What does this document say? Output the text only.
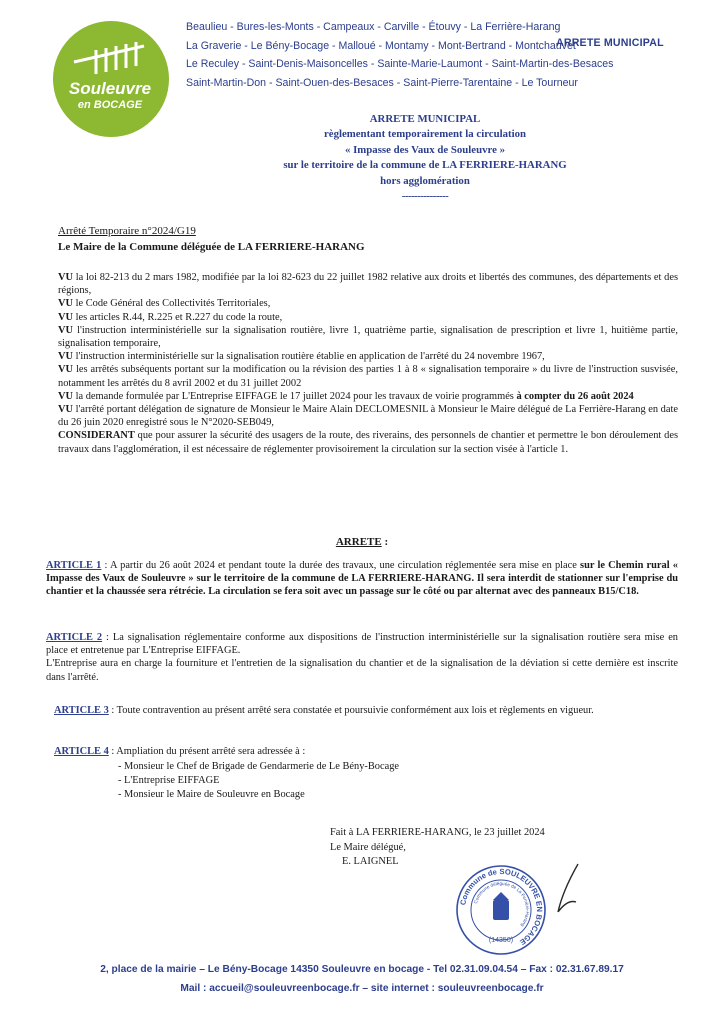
Souleuvre
en BOCAGE
Beaulieu - Bures-les-Monts - Campeaux - Carville - Étouvy - La Ferrière-Harang
La Graverie - Le Bény-Bocage - Malloué - Montamy - Mont-Bertrand - Montchauvet
Le Reculey - Saint-Denis-Maisoncelles - Sainte-Marie-Laumont - Saint-Martin-des-Besaces
Saint-Martin-Don - Saint-Ouen-des-Besaces - Saint-Pierre-Tarentaine - Le Tourneur
ARRETE MUNICIPAL
ARRETE MUNICIPAL
règlementant temporairement la circulation
« Impasse des Vaux de Souleuvre »
sur le territoire de la commune de LA FERRIERE-HARANG
hors agglomération
---------------
Arrêté Temporaire n°2024/G19
Le Maire de la Commune déléguée de LA FERRIERE-HARANG

VU la loi 82-213 du 2 mars 1982, modifiée par la loi 82-623 du 22 juillet 1982 relative aux droits et libertés des communes, des départements et des régions,

VU le Code Général des Collectivités Territoriales,

VU les articles R.44, R.225 et R.227 du code la route,

VU l'instruction interministérielle sur la signalisation routière, livre 1, quatrième partie, signalisation de prescription et livre 1, huitième partie, signalisation temporaire,

VU l'instruction interministérielle sur la signalisation routière établie en application de l'arrêté du 24 novembre 1967,

VU les arrêtés subséquents portant sur la modification ou la révision des parties 1 à 8 « signalisation temporaire » du livre de l'instruction susvisée, notamment les arrêtés du 8 avril 2002 et du 31 juillet 2002

VU la demande formulée par L'Entreprise EIFFAGE le 17 juillet 2024 pour les travaux de voirie programmés à compter du 26 août 2024

VU l'arrêté portant délégation de signature de Monsieur le Maire Alain DECLOMESNIL à Monsieur le Maire délégué de La Ferrière-Harang en date du 26 juin 2020 enregistré sous le N°2020-SEB049,

CONSIDERANT que pour assurer la sécurité des usagers de la route, des riverains, des personnels de chantier et permettre le bon déroulement des travaux dans l'agglomération, il est nécessaire de réglementer provisoirement la circulation sur la section visée à l'article 1.

ARRETE :
ARTICLE 1 : A partir du 26 août 2024 et pendant toute la durée des travaux, une circulation réglementée sera mise en place sur le Chemin rural « Impasse des Vaux de Souleuvre » sur le territoire de la commune de LA FERRIERE-HARANG. Il sera interdit de stationner sur l'emprise du chantier et la chaussée sera rétrécie. La circulation se fera soit avec un passage sur le côté ou par alternat avec des panneaux B15/C18.
ARTICLE 2 : La signalisation réglementaire conforme aux dispositions de l'instruction interministérielle sur la signalisation routière sera mise en place et entretenue par L'Entreprise EIFFAGE.
L'Entreprise aura en charge la fourniture et l'entretien de la signalisation du chantier et de la signalisation de la déviation si cette dernière est inscrite dans l'arrêté.
ARTICLE 3 : Toute contravention au présent arrêté sera constatée et poursuivie conformément aux lois et règlements en vigueur.
ARTICLE 4 : Ampliation du présent arrêté sera adressée à :
- Monsieur le Chef de Brigade de Gendarmerie de Le Bény-Bocage
- L'Entreprise EIFFAGE
- Monsieur le Maire de Souleuvre en Bocage
Fait à LA FERRIERE-HARANG, le 23 juillet 2024
Le Maire délégué,
E. LAIGNEL
Commune de SOULEUVRE EN BOCAGE
Commune déléguée de La Ferrière-Harang
(14350)
2, place de la mairie – Le Bény-Bocage 14350 Souleuvre en bocage - Tel 02.31.09.04.54 – Fax : 02.31.67.89.17
Mail : accueil@souleuvreenbocage.fr – site internet : souleuvreenbocage.fr
